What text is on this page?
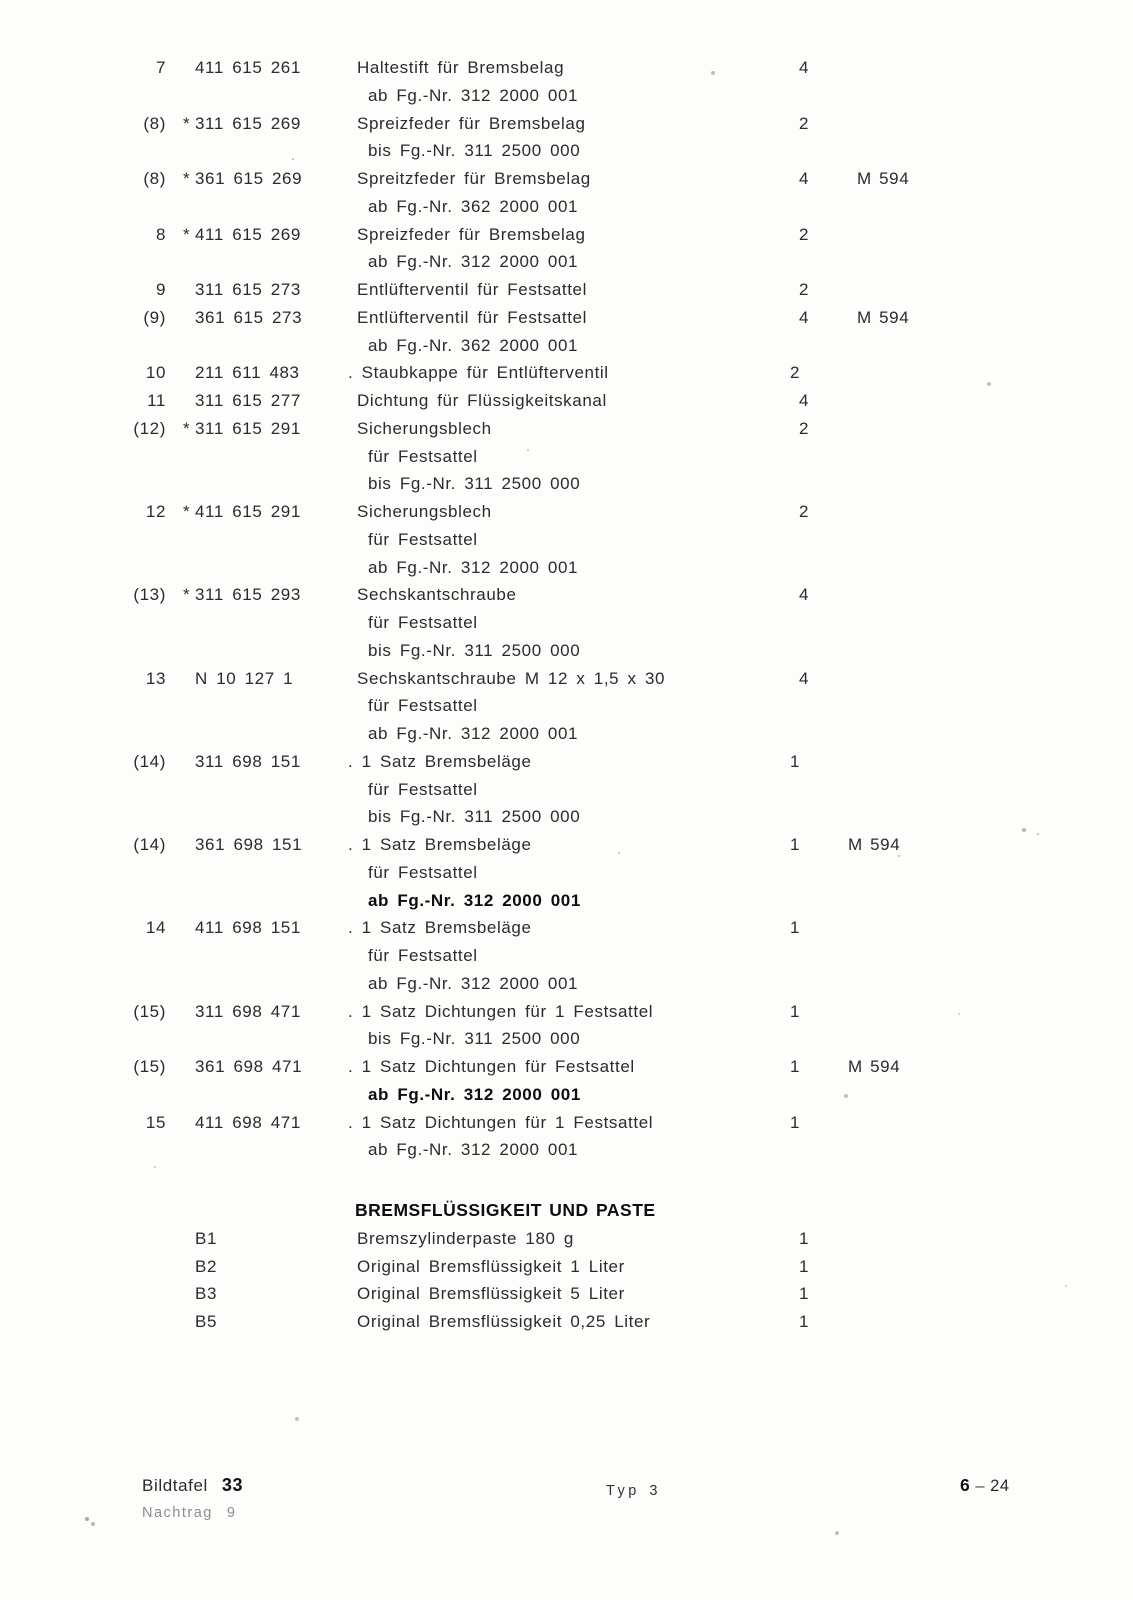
7 411 615 261	Haltestift für Bremsbelag	4
ab Fg.-Nr. 312 2000 001
(8) * 311 615 269	Spreizfeder für Bremsbelag	2
bis Fg.-Nr. 311 2500 000
(8) * 361 615 269	Spreitzfeder für Bremsbelag	4	M 594
ab Fg.-Nr. 362 2000 001
8 * 411 615 269	Spreizfeder für Bremsbelag	2
ab Fg.-Nr. 312 2000 001
9 311 615 273	Entlüfterventil für Festsattel	2
(9) 361 615 273	Entlüfterventil für Festsattel	4	M 594
ab Fg.-Nr. 362 2000 001
10 211 611 483	. Staubkappe für Entlüfterventil	2
11 311 615 277	Dichtung für Flüssigkeitskanal	4
(12) * 311 615 291	Sicherungsblech	2
für Festsattel
bis Fg.-Nr. 311 2500 000
12 * 411 615 291	Sicherungsblech	2
für Festsattel
ab Fg.-Nr. 312 2000 001
(13) * 311 615 293	Sechskantschraube	4
für Festsattel
bis Fg.-Nr. 311 2500 000
13 N 10 127 1	Sechskantschraube M 12 x 1,5 x 30	4
für Festsattel
ab Fg.-Nr. 312 2000 001
(14) 311 698 151	. 1 Satz Bremsbeläge	1
für Festsattel
bis Fg.-Nr. 311 2500 000
(14) 361 698 151	. 1 Satz Bremsbeläge	1	M 594
für Festsattel
ab Fg.-Nr. 312 2000 001
14 411 698 151	. 1 Satz Bremsbeläge	1
für Festsattel
ab Fg.-Nr. 312 2000 001
(15) 311 698 471	. 1 Satz Dichtungen für 1 Festsattel	1
bis Fg.-Nr. 311 2500 000
(15) 361 698 471	. 1 Satz Dichtungen für Festsattel	1	M 594
ab Fg.-Nr. 312 2000 001
15 411 698 471	. 1 Satz Dichtungen für 1 Festsattel	1
ab Fg.-Nr. 312 2000 001
BREMSFLÜSSIGKEIT UND PASTE
B1	Bremszylinderpaste 180 g	1
B2	Original Bremsflüssigkeit 1 Liter	1
B3	Original Bremsflüssigkeit 5 Liter	1
B5	Original Bremsflüssigkeit 0,25 Liter	1
Bildtafel 33
Nachtrag 9
Typ 3	6 – 24
